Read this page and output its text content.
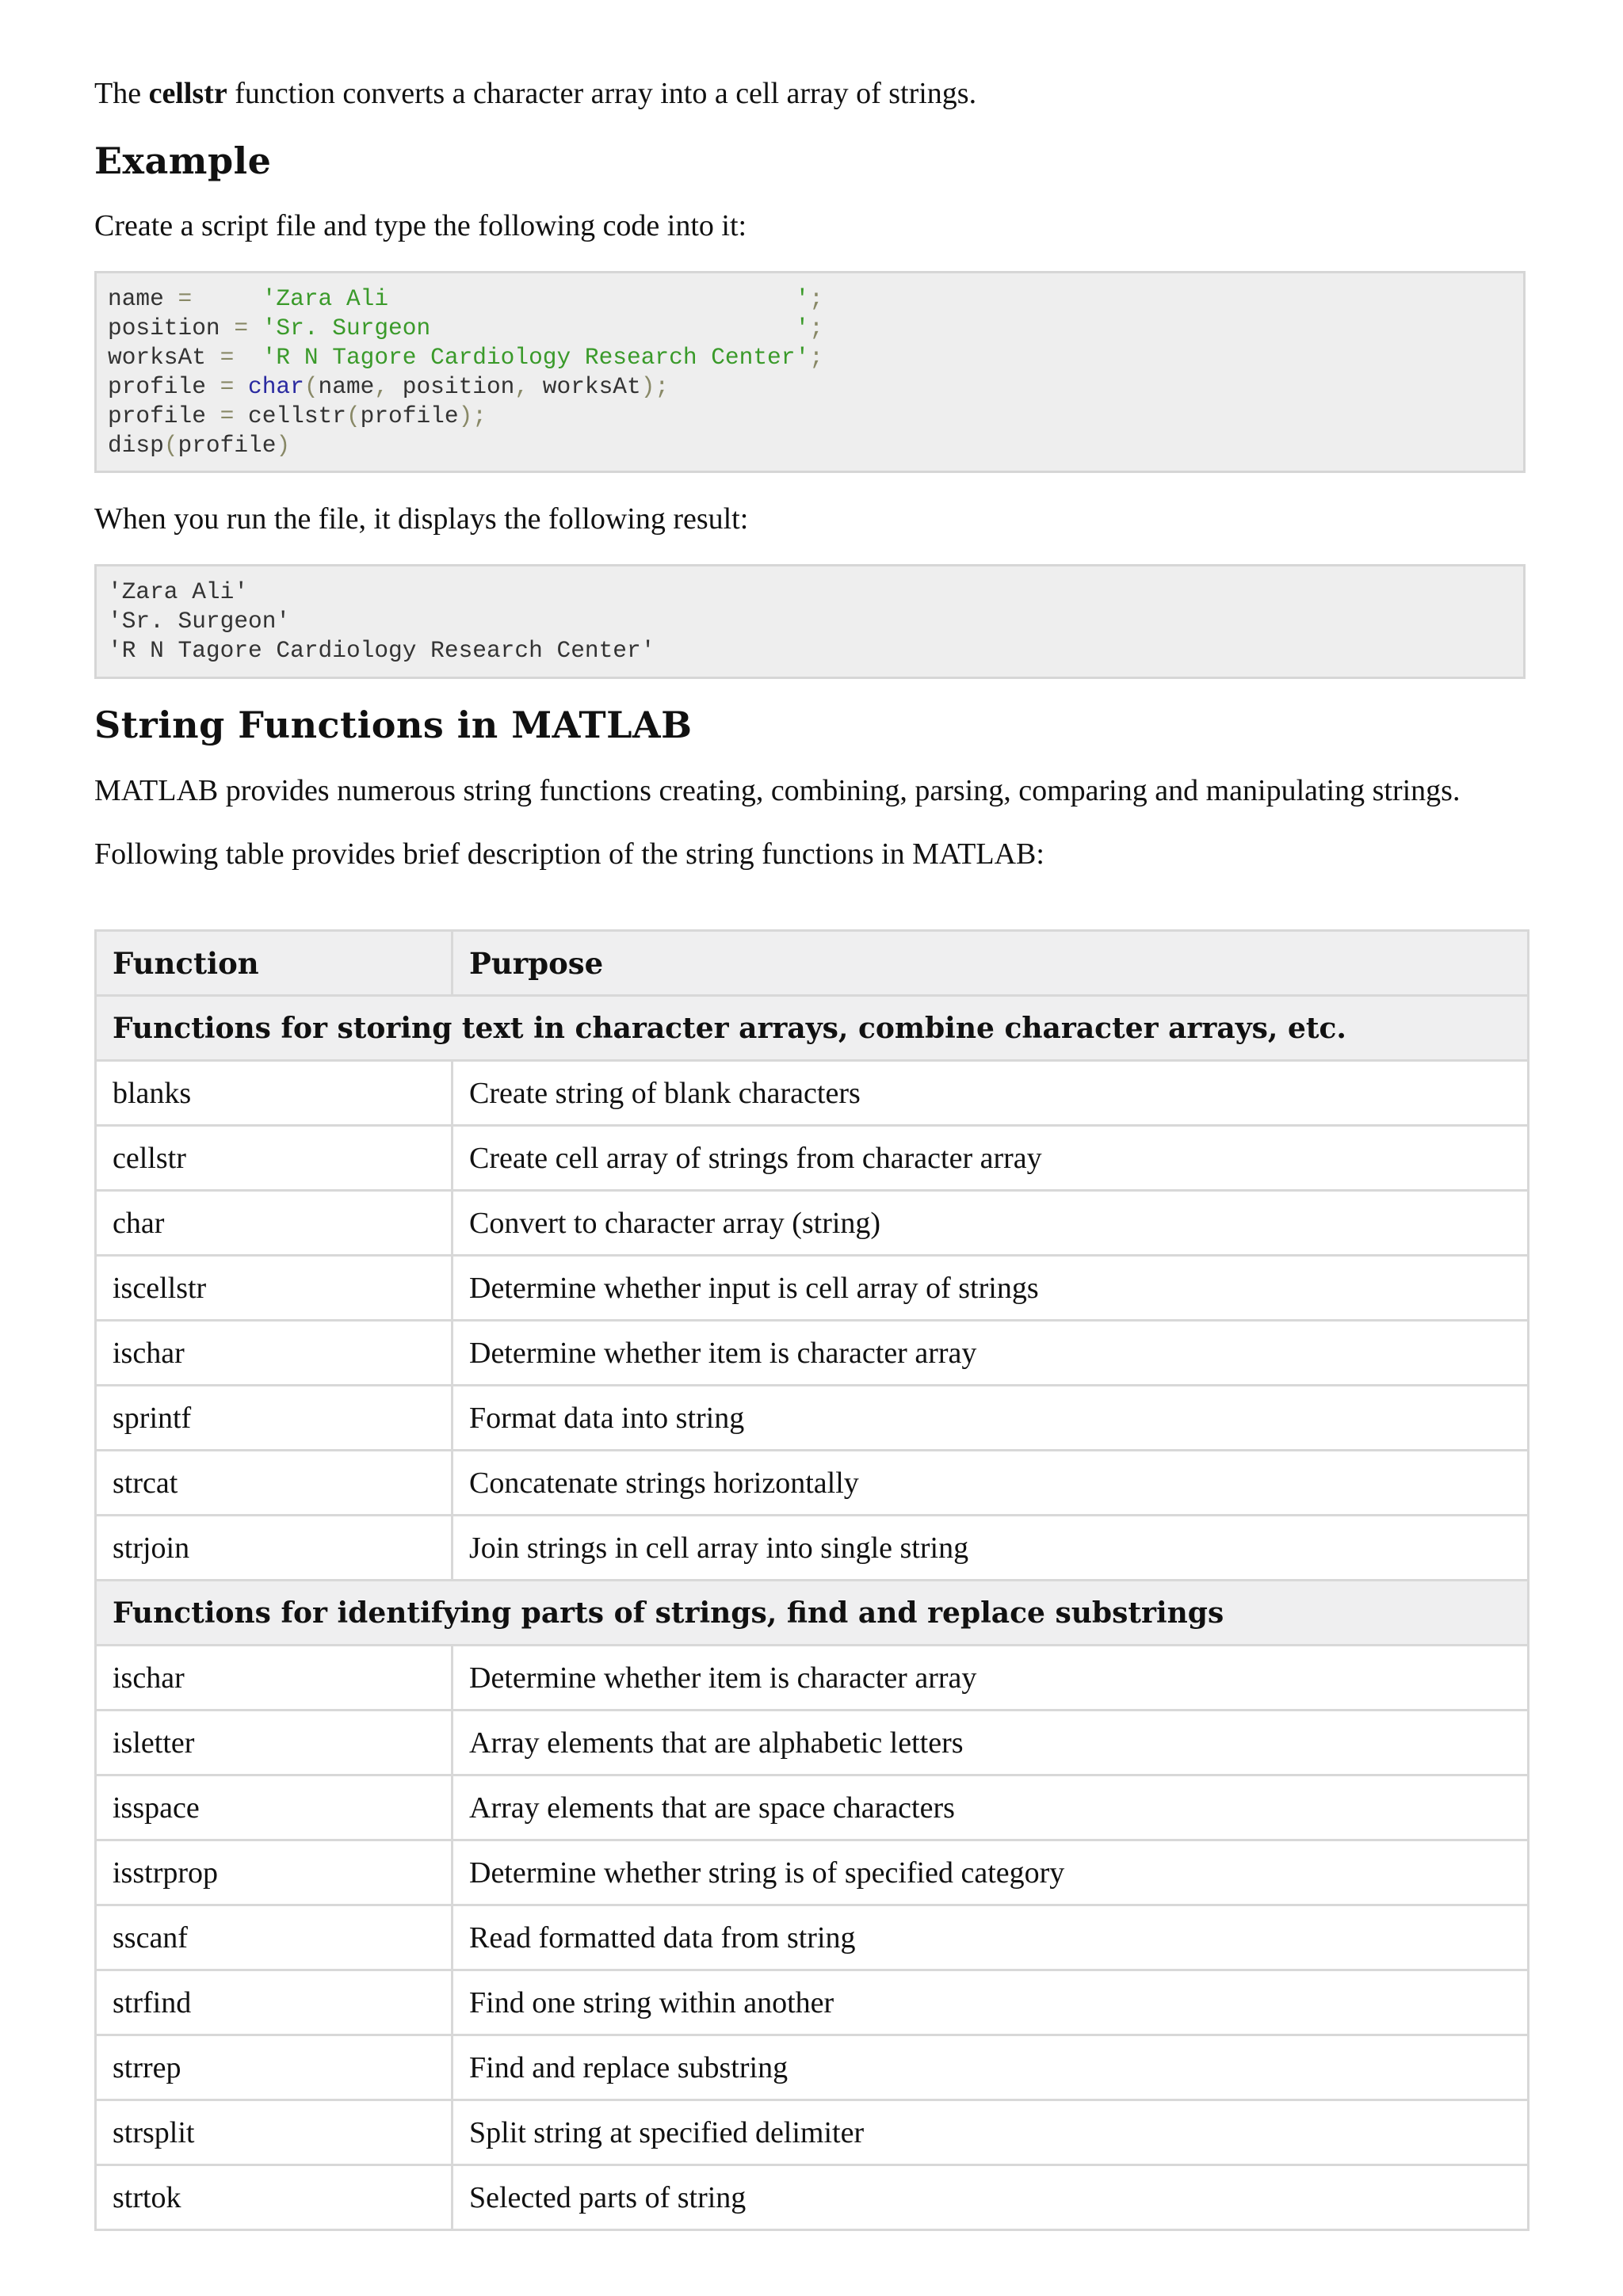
The cellstr function converts a character array into a cell array of strings.

Example

Create a script file and type the following code into it:

name =	'Zara Ali                             ';
position = 'Sr. Surgeon                          ';
worksAt = 'R N Tagore Cardiology Research Center';
profile = char(name, position, worksAt);
profile = cellstr(profile);
disp(profile)

When you run the file, it displays the following result:

'Zara Ali'
'Sr. Surgeon'
'R N Tagore Cardiology Research Center'
String Functions in MATLAB

MATLAB provides numerous string functions creating, combining, parsing, comparing and manipulating strings.

Following table provides brief description of the string functions in MATLAB:

Function	Purpose
Functions for storing text in character arrays, combine character arrays, etc.	
blanks	Create string of blank characters
cellstr	Create cell array of strings from character array
char	Convert to character array (string)
iscellstr	Determine whether input is cell array of strings
ischar	Determine whether item is character array
sprintf	Format data into string
strcat	Concatenate strings horizontally
strjoin	Join strings in cell array into single string
Functions for identifying parts of strings, find and replace substrings	
ischar	Determine whether item is character array
isletter	Array elements that are alphabetic letters
isspace	Array elements that are space characters
isstrprop	Determine whether string is of specified category
sscanf	Read formatted data from string
strfind	Find one string within another
strrep	Find and replace substring
strsplit	Split string at specified delimiter
strtok	Selected parts of string
